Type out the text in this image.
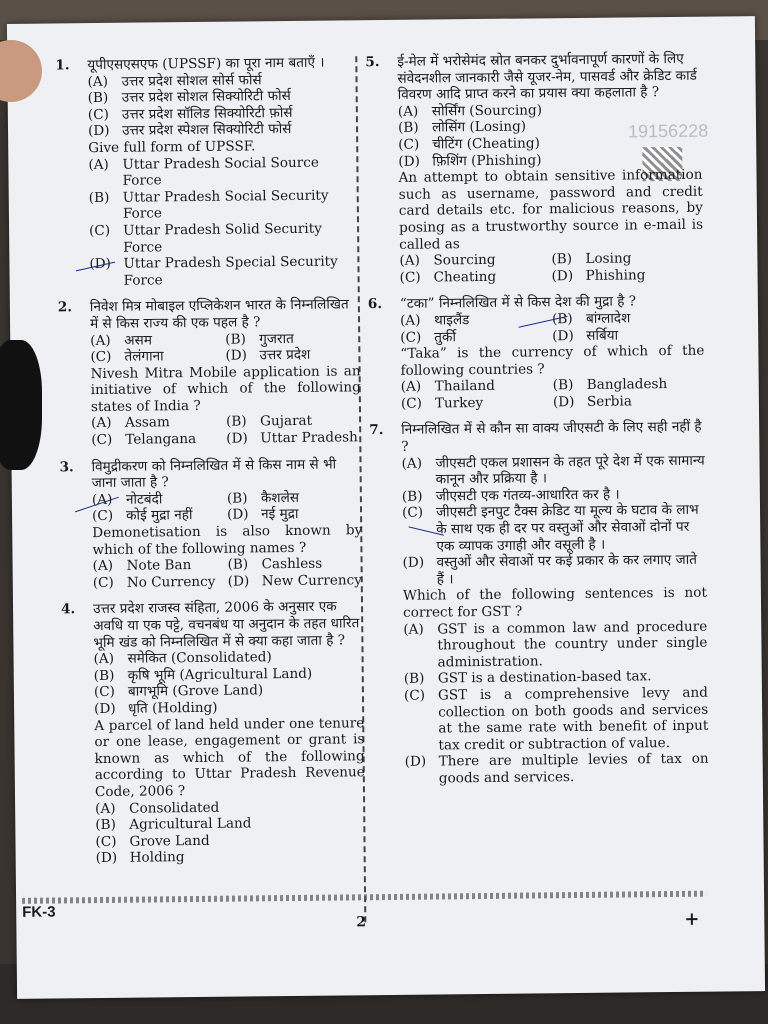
19156228
1. यूपीएसएसएफ (UPSSF) का पूरा नाम बताएँ ।
(A) उत्तर प्रदेश सोशल सोर्स फोर्स
(B) उत्तर प्रदेश सोशल सिक्योरिटी फोर्स
(C) उत्तर प्रदेश सॉलिड सिक्योरिटी फ़ोर्स
(D) उत्तर प्रदेश स्पेशल सिक्योरिटी फोर्स
Give full form of UPSSF.
(A) Uttar Pradesh Social Source Force
(B) Uttar Pradesh Social Security Force
(C) Uttar Pradesh Solid Security Force
(D) Uttar Pradesh Special Security Force
2. निवेश मित्र मोबाइल एप्लिकेशन भारत के निम्नलिखित में से किस राज्य की एक पहल है ?
(A) असम	(B) गुजरात
(C) तेलंगाना	(D) उत्तर प्रदेश
Nivesh Mitra Mobile application is an initiative of which of the following states of India ?
(A) Assam	(B) Gujarat
(C) Telangana (D) Uttar Pradesh
3. विमुद्रीकरण को निम्नलिखित में से किस नाम से भी जाना जाता है ?
(A) नोटबंदी	(B) कैशलेस
(C) कोई मुद्रा नहीं	(D) नई मुद्रा
Demonetisation is also known by which of the following names ?
(A) Note Ban	(B) Cashless
(C) No Currency (D) New Currency
4. उत्तर प्रदेश राजस्व संहिता, 2006 के अनुसार एक अवधि या एक पट्टे, वचनबंध या अनुदान के तहत धारित भूमि खंड को निम्नलिखित में से क्या कहा जाता है ?
(A) समेकित (Consolidated)
(B) कृषि भूमि (Agricultural Land)
(C) बागभूमि (Grove Land)
(D) धृति (Holding)
A parcel of land held under one tenure or one lease, engagement or grant is known as which of the following according to Uttar Pradesh Revenue Code, 2006 ?
(A) Consolidated
(B) Agricultural Land
(C) Grove Land
(D) Holding
5. ई-मेल में भरोसेमंद स्रोत बनकर दुर्भावनापूर्ण कारणों के लिए संवेदनशील जानकारी जैसे यूजर-नेम, पासवर्ड और क्रेडिट कार्ड विवरण आदि प्राप्त करने का प्रयास क्या कहलाता है ?
(A) सोर्सिंग (Sourcing)
(B) लोसिंग (Losing)
(C) चीटिंग (Cheating)
(D) फ़िशिंग (Phishing)
An attempt to obtain sensitive information such as username, password and credit card details etc. for malicious reasons, by posing as a trustworthy source in e-mail is called as
(A) Sourcing	(B) Losing
(C) Cheating	(D) Phishing
6. “टका” निम्नलिखित में से किस देश की मुद्रा है ?
(A) थाइलैंड	(B) बांग्लादेश
(C) तुर्की	(D) सर्बिया
“Taka” is the currency of which of the following countries ?
(A) Thailand	(B) Bangladesh
(C) Turkey	(D) Serbia
7. निम्नलिखित में से कौन सा वाक्य जीएसटी के लिए सही नहीं है ?
(A) जीएसटी एकल प्रशासन के तहत पूरे देश में एक सामान्य कानून और प्रक्रिया है ।
(B) जीएसटी एक गंतव्य-आधारित कर है ।
(C) जीएसटी इनपुट टैक्स क्रेडिट या मूल्य के घटाव के लाभ के साथ एक ही दर पर वस्तुओं और सेवाओं दोनों पर एक व्यापक उगाही और वसूली है ।
(D) वस्तुओं और सेवाओं पर कई प्रकार के कर लगाए जाते हैं ।
Which of the following sentences is not correct for GST ?
(A) GST is a common law and procedure throughout the country under single administration.
(B) GST is a destination-based tax.
(C) GST is a comprehensive levy and collection on both goods and services at the same rate with benefit of input tax credit or subtraction of value.
(D) There are multiple levies of tax on goods and services.
FK-3
2	+
